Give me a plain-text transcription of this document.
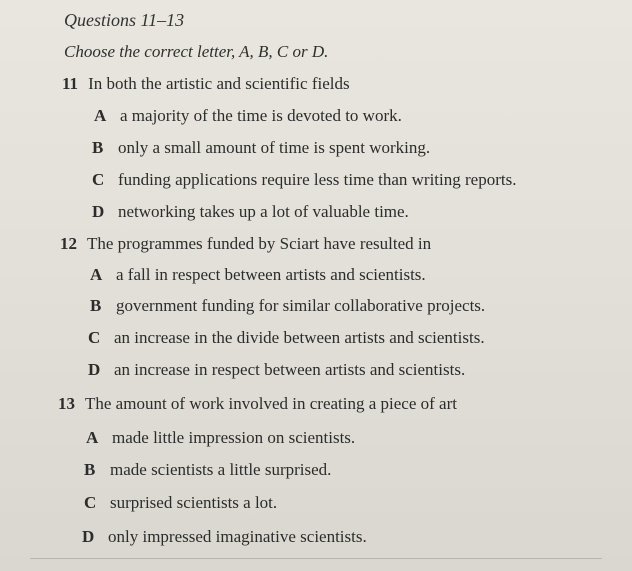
Questions 11–13
Choose the correct letter, A, B, C or D.
11 In both the artistic and scientific fields
A a majority of the time is devoted to work.
B only a small amount of time is spent working.
C funding applications require less time than writing reports.
D networking takes up a lot of valuable time.
12 The programmes funded by Sciart have resulted in
A a fall in respect between artists and scientists.
B government funding for similar collaborative projects.
C an increase in the divide between artists and scientists.
D an increase in respect between artists and scientists.
13 The amount of work involved in creating a piece of art
A made little impression on scientists.
B made scientists a little surprised.
C surprised scientists a lot.
D only impressed imaginative scientists.
